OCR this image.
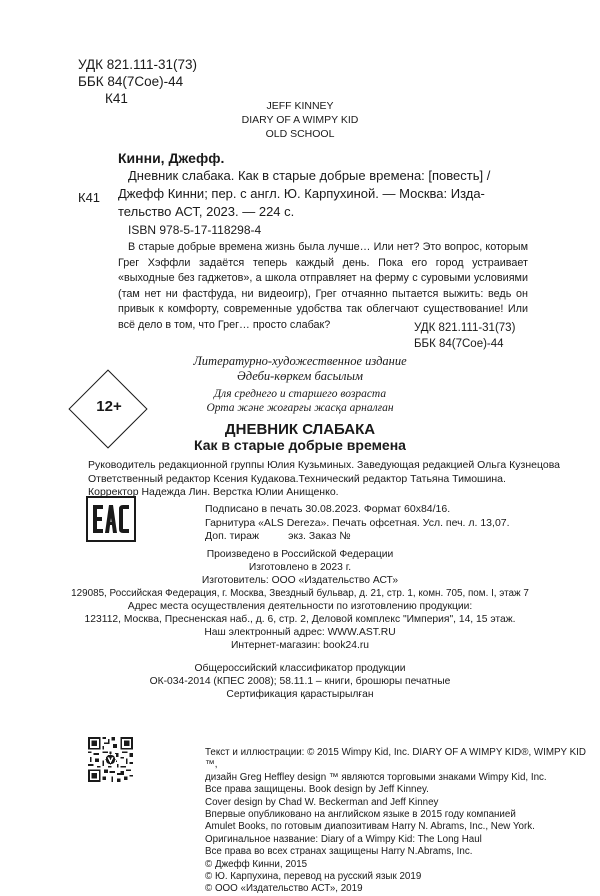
УДК 821.111-31(73)
ББК 84(7Сое)-44
К41	JEFF KINNEY
DIARY OF A WIMPY KID
OLD SCHOOL
Кинни, Джефф.
К41
Дневник слабака. Как в старые добрые времена: [повесть] /
Джефф Кинни; пер. с англ. Ю. Карпухиной. — Москва: Изда-
тельство АСТ, 2023. — 224 с.
ISBN 978-5-17-118298-4
В старые добрые времена жизнь была лучше… Или нет? Это вопрос, которым Грег Хэффли задаётся теперь каждый день. Пока его город устраивает «выходные без гаджетов», а школа отправляет на ферму с суровыми условиями (там нет ни фастфуда, ни видеоигр), Грег отчаянно пытается выжить: ведь он привык к комфорту, современные удобства так облегчают существование! Или всё дело в том, что Грег… просто слабак?	УДК 821.111-31(73)
ББК 84(7Сое)-44
Литературно-художественное издание
Әдеби-көркем басылым
12+
Для среднего и старшего возраста
Орта және жоғарғы жасқа арналған
ДНЕВНИК СЛАБАКА
Как в старые добрые времена
Руководитель редакционной группы Юлия Кузьминых. Заведующая редакцией Ольга Кузнецова
Ответственный редактор Ксения Кудакова.Технический редактор Татьяна Тимошина.
Корректор Надежда Лин. Верстка Юлии Анищенко.
Подписано в печать 30.08.2023. Формат 60x84/16.
Гарнитура «ALS Dereza». Печать офсетная. Усл. печ. л. 13,07.
Доп. тираж          экз. Заказ №
Произведено в Российской Федерации
Изготовлено в 2023 г.
Изготовитель: ООО «Издательство АСТ»
129085, Российская Федерация, г. Москва, Звездный бульвар, д. 21, стр. 1, комн. 705, пом. I, этаж 7
Адрес места осуществления деятельности по изготовлению продукции:
123112, Москва, Пресненская наб., д. 6, стр. 2, Деловой комплекс "Империя", 14, 15 этаж.
Наш электронный адрес: WWW.AST.RU
Интернет-магазин: book24.ru
Общероссийский классификатор продукции
ОК-034-2014 (КПЕС 2008); 58.11.1 – книги, брошюры печатные
Сертификация қарастырылған
Текст и иллюстрации: © 2015 Wimpy Kid, Inc. DIARY OF A WIMPY KID®, WIMPY KID ™,
дизайн Greg Heffley design ™ являются торговыми знаками Wimpy Kid, Inc.
Все права защищены. Book design by Jeff Kinney.
Cover design by Chad W. Beckerman and Jeff Kinney
Впервые опубликовано на английском языке в 2015 году компанией
Amulet Books, по готовым диапозитивам Harry N. Abrams, Inc., New York.
Оригинальное название: Diary of a Wimpy Kid: The Long Haul
Все права во всех странах защищены Harry N.Abrams, Inc.
© Джефф Кинни, 2015
© Ю. Карпухина, перевод на русский язык 2019
© ООО «Издательство АСТ», 2019
